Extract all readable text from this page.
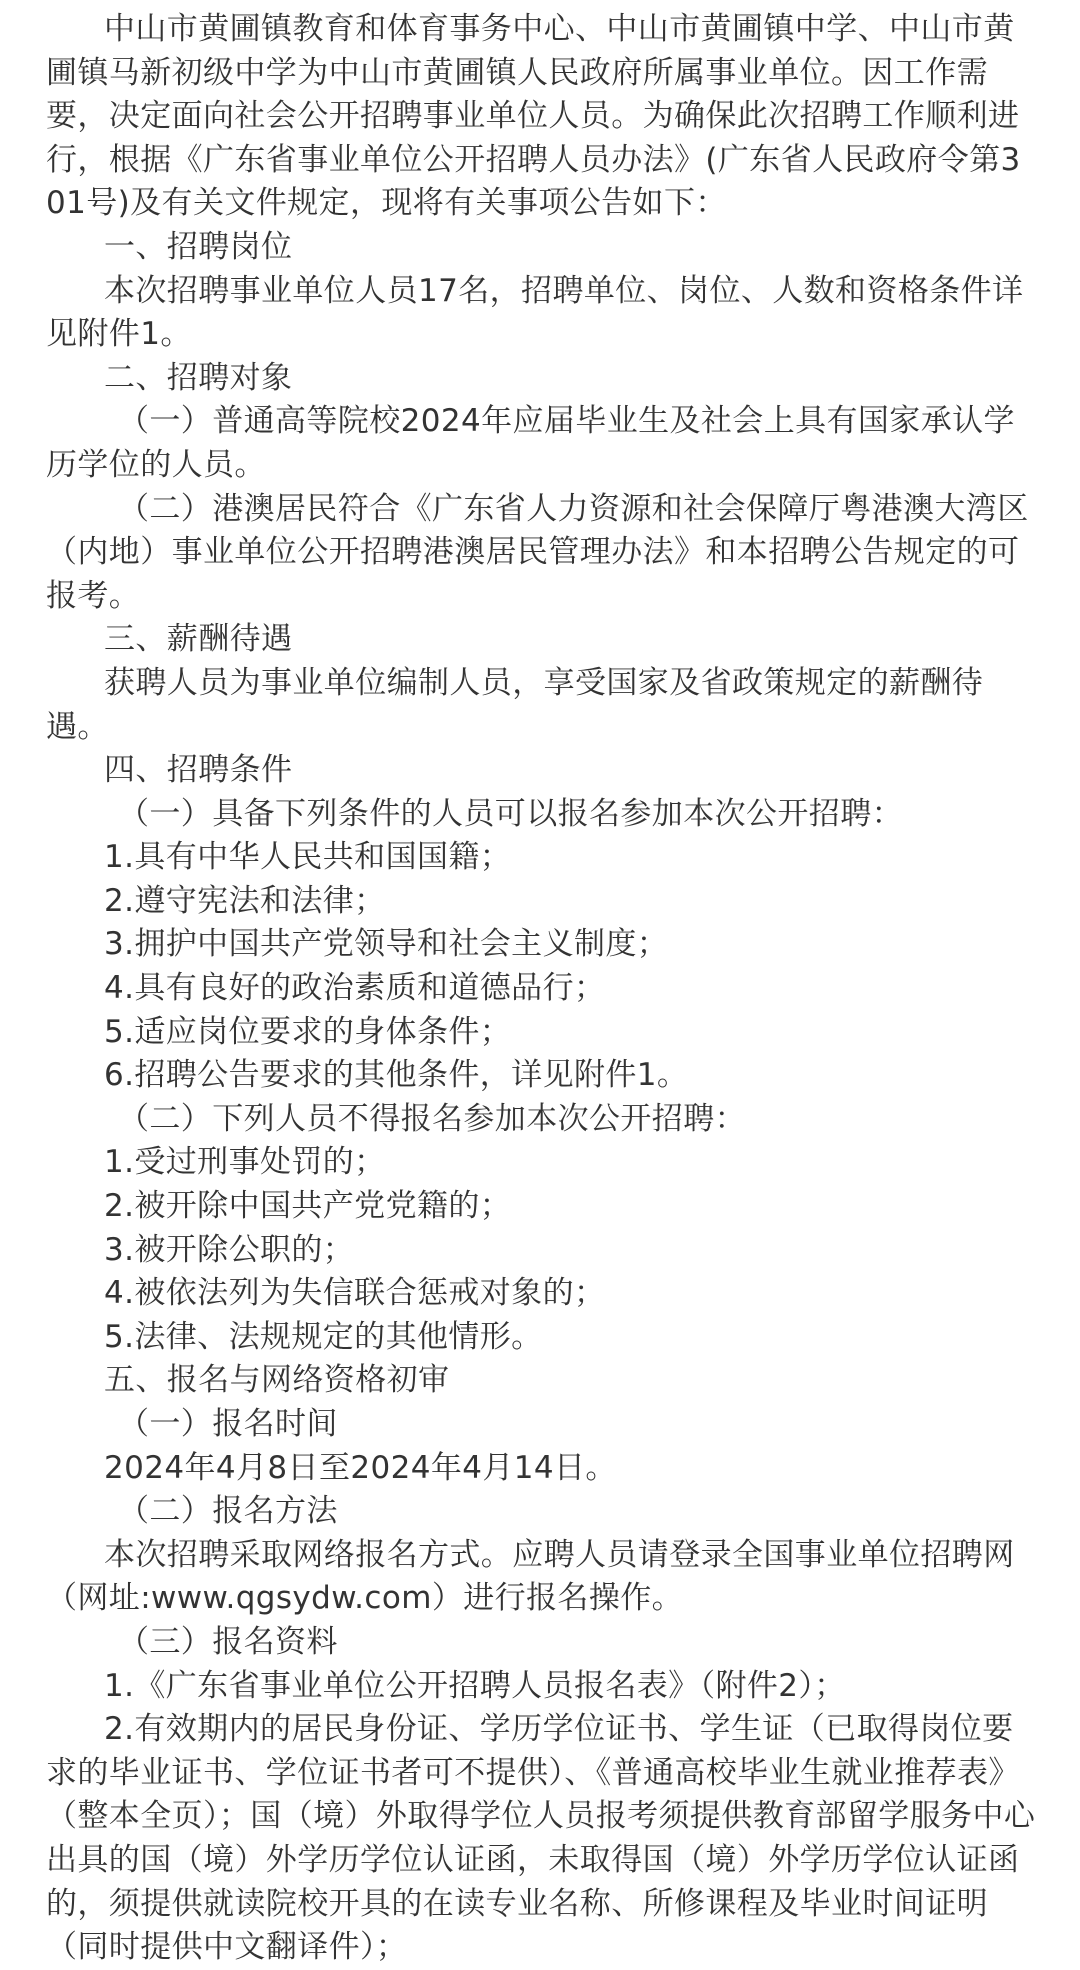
中山市黄圃镇教育和体育事务中心、中山市黄圃镇中学、中山市黄圃镇马新初级中学为中山市黄圃镇人民政府所属事业单位。因工作需要，决定面向社会公开招聘事业单位人员。为确保此次招聘工作顺利进行，根据《广东省事业单位公开招聘人员办法》(广东省人民政府令第301号)及有关文件规定，现将有关事项公告如下：

一、招聘岗位

本次招聘事业单位人员17名，招聘单位、岗位、人数和资格条件详见附件1。

二、招聘对象

（一）普通高等院校2024年应届毕业生及社会上具有国家承认学历学位的人员。

（二）港澳居民符合《广东省人力资源和社会保障厅粤港澳大湾区（内地）事业单位公开招聘港澳居民管理办法》和本招聘公告规定的可报考。

三、薪酬待遇

获聘人员为事业单位编制人员，享受国家及省政策规定的薪酬待遇。

四、招聘条件

（一）具备下列条件的人员可以报名参加本次公开招聘：

1.具有中华人民共和国国籍；

2.遵守宪法和法律；

3.拥护中国共产党领导和社会主义制度；

4.具有良好的政治素质和道德品行；

5.适应岗位要求的身体条件；

6.招聘公告要求的其他条件，详见附件1。

（二）下列人员不得报名参加本次公开招聘：

1.受过刑事处罚的；

2.被开除中国共产党党籍的；

3.被开除公职的；

4.被依法列为失信联合惩戒对象的；

5.法律、法规规定的其他情形。

五、报名与网络资格初审

（一）报名时间

2024年4月8日至2024年4月14日。

（二）报名方法

本次招聘采取网络报名方式。应聘人员请登录全国事业单位招聘网（网址:www.qgsydw.com）进行报名操作。

（三）报名资料

1.《广东省事业单位公开招聘人员报名表》（附件2）；

2.有效期内的居民身份证、学历学位证书、学生证（已取得岗位要求的毕业证书、学位证书者可不提供）、《普通高校毕业生就业推荐表》（整本全页）；国（境）外取得学位人员报考须提供教育部留学服务中心出具的国（境）外学历学位认证函，未取得国（境）外学历学位认证函的，须提供就读院校开具的在读专业名称、所修课程及毕业时间证明（同时提供中文翻译件）；
